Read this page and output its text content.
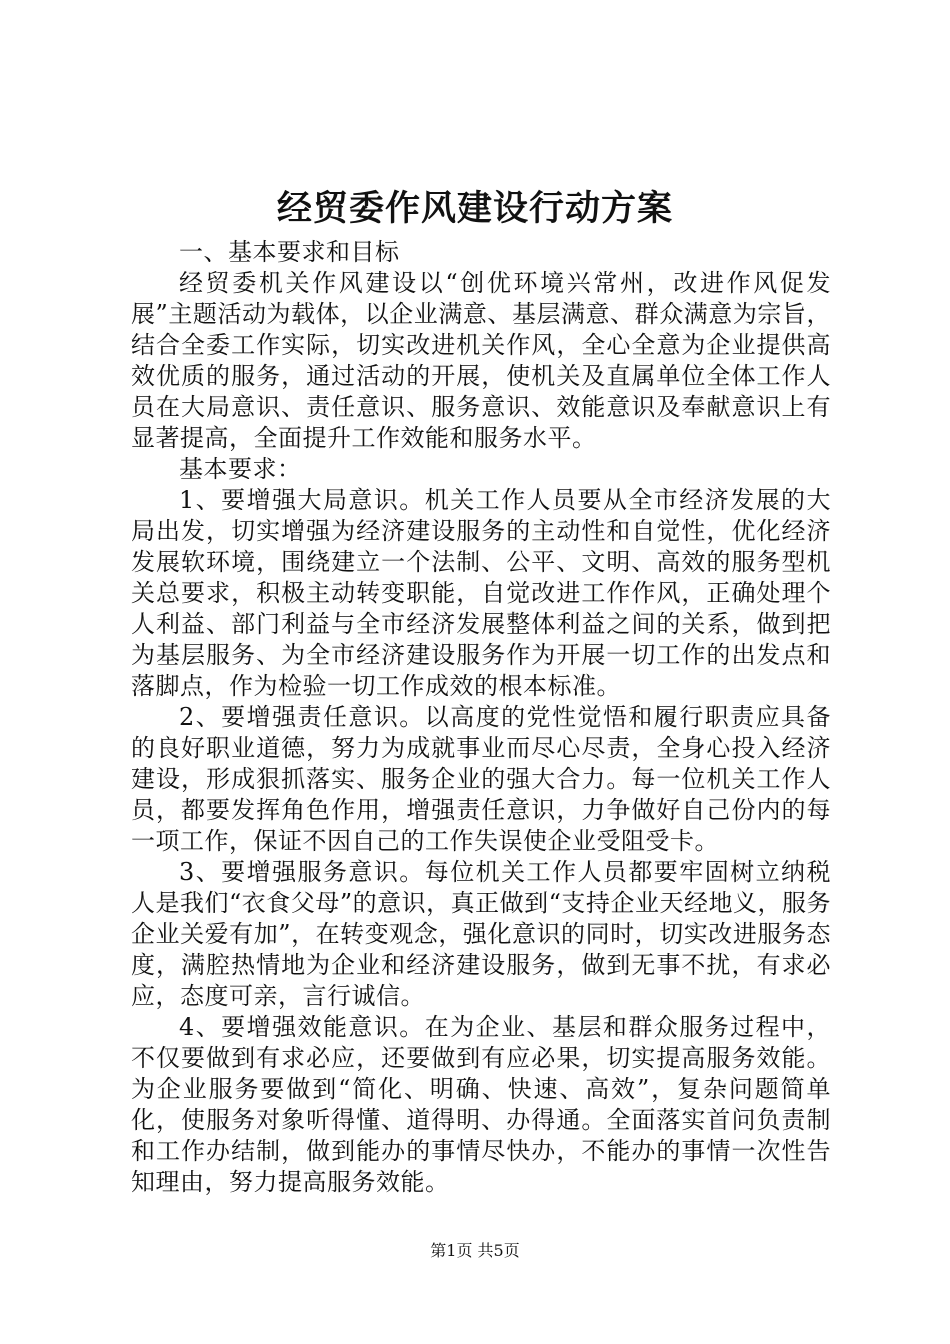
经贸委作风建设行动方案

一、基本要求和目标

经贸委机关作风建设以“创优环境兴常州，改进作风促发展”主题活动为载体，以企业满意、基层满意、群众满意为宗旨，结合全委工作实际，切实改进机关作风，全心全意为企业提供高效优质的服务，通过活动的开展，使机关及直属单位全体工作人员在大局意识、责任意识、服务意识、效能意识及奉献意识上有显著提高，全面提升工作效能和服务水平。

基本要求：

1、要增强大局意识。机关工作人员要从全市经济发展的大局出发，切实增强为经济建设服务的主动性和自觉性，优化经济发展软环境，围绕建立一个法制、公平、文明、高效的服务型机关总要求，积极主动转变职能，自觉改进工作作风，正确处理个人利益、部门利益与全市经济发展整体利益之间的关系，做到把为基层服务、为全市经济建设服务作为开展一切工作的出发点和落脚点，作为检验一切工作成效的根本标准。

2、要增强责任意识。以高度的党性觉悟和履行职责应具备的良好职业道德，努力为成就事业而尽心尽责，全身心投入经济建设，形成狠抓落实、服务企业的强大合力。每一位机关工作人员，都要发挥角色作用，增强责任意识，力争做好自己份内的每一项工作，保证不因自己的工作失误使企业受阻受卡。

3、要增强服务意识。每位机关工作人员都要牢固树立纳税人是我们“衣食父母”的意识，真正做到“支持企业天经地义，服务企业关爱有加”，在转变观念，强化意识的同时，切实改进服务态度，满腔热情地为企业和经济建设服务，做到无事不扰，有求必应，态度可亲，言行诚信。

4、要增强效能意识。在为企业、基层和群众服务过程中，不仅要做到有求必应，还要做到有应必果，切实提高服务效能。为企业服务要做到“简化、明确、快速、高效”，复杂问题简单化，使服务对象听得懂、道得明、办得通。全面落实首问负责制和工作办结制，做到能办的事情尽快办，不能办的事情一次性告知理由，努力提高服务效能。

第1页 共5页
